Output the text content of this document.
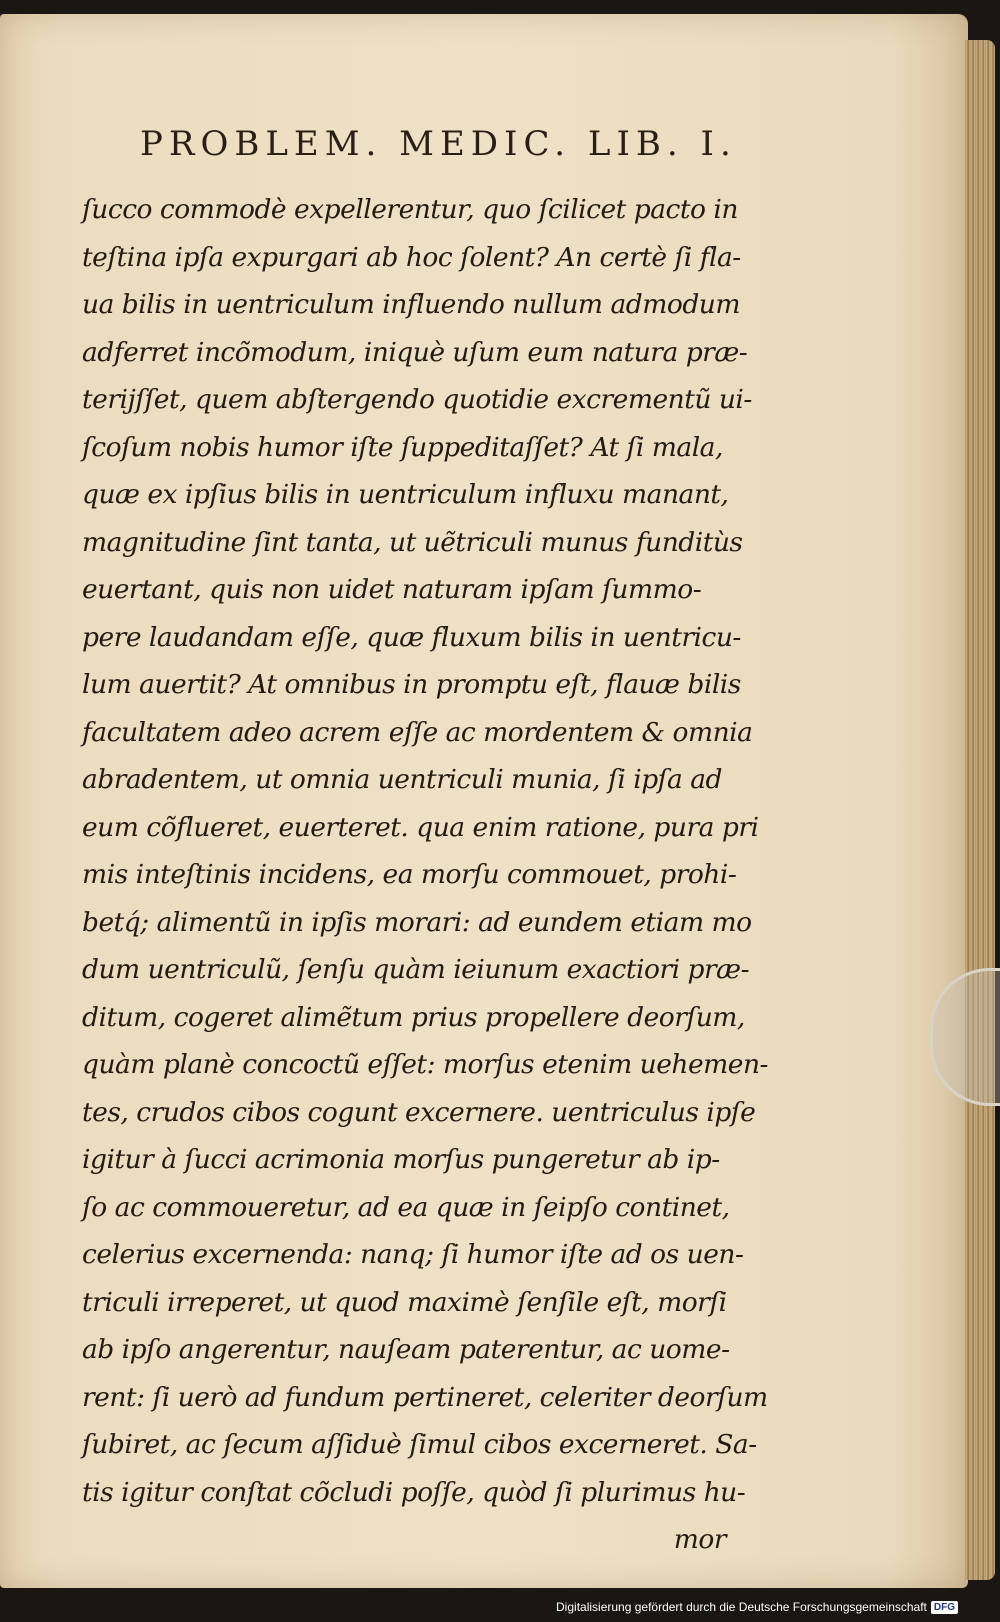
PROBLEM. MEDIC. LIB. I.
ſucco commodè expellerentur, quo ſcilicet pacto in
teſtina ipſa expurgari ab hoc ſolent? An certè ſi fla-
ua bilis in uentriculum influendo nullum admodum
adferret incõmodum, iniquè uſum eum natura præ-
teriјſſet, quem abſtergendo quotidie excrementũ ui-
ſcoſum nobis humor iſte ſuppeditaſſet? At ſi mala,
quæ ex ipſius bilis in uentriculum influxu manant,
magnitudine ſint tanta, ut uẽtriculi munus funditùs
euertant, quis non uidet naturam ipſam ſummo-
pere laudandam eſſe, quæ fluxum bilis in uentricu-
lum auertit? At omnibus in promptu eſt, flauæ bilis
facultatem adeo acrem eſſe ac mordentem & omnia
abradentem, ut omnia uentriculi munia, ſi ipſa ad
eum cõflueret, euerteret. qua enim ratione, pura pri
mis inteſtinis incidens, ea morſu commouet, prohi-
betq́; alimentũ in ipſis morari: ad eundem etiam mo
dum uentriculũ, ſenſu quàm ieiunum exactiori præ-
ditum, cogeret alimẽtum prius propellere deorſum,
quàm planè concoctũ eſſet: morſus etenim uehemen-
tes, crudos cibos cogunt excernere. uentriculus ipſe
igitur à ſucci acrimonia morſus pungeretur ab ip-
ſo ac commoueretur, ad ea quæ in ſeipſo continet,
celerius excernenda: nanq; ſi humor iſte ad os uen-
triculi irreperet, ut quod maximè ſenſile eſt, morſi
ab ipſo angerentur, nauſeam paterentur, ac uome-
rent: ſi uerò ad fundum pertineret, celeriter deorſum
ſubiret, ac ſecum aſſiduè ſimul cibos excerneret. Sa-
tis igitur conſtat cõcludi poſſe, quòd ſi plurimus hu-
mor
Digitalisierung gefördert durch die Deutsche Forschungsgemeinschaft DFG
